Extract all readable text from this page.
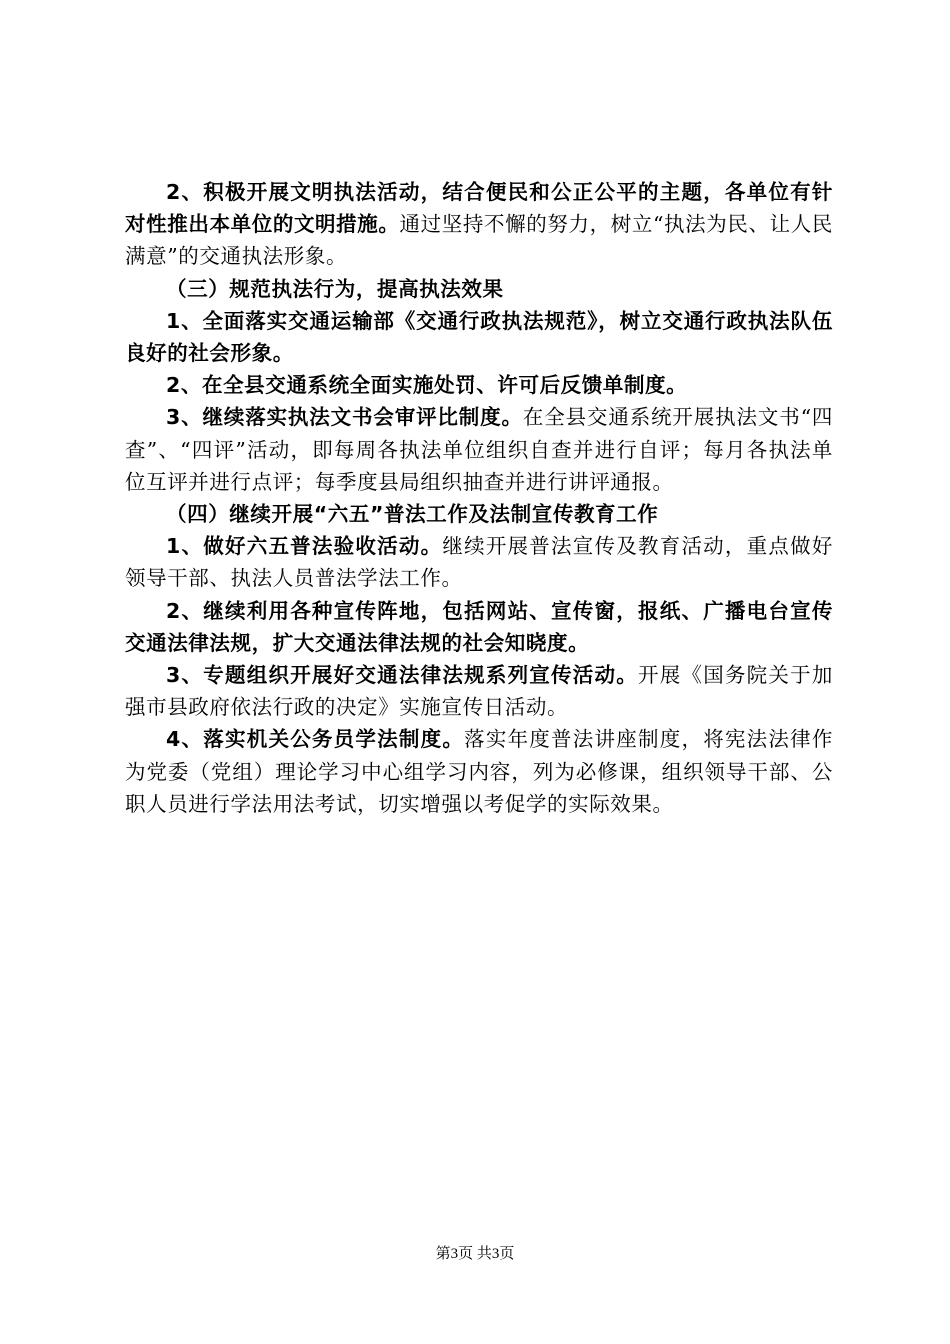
2、积极开展文明执法活动，结合便民和公正公平的主题，各单位有针对性推出本单位的文明措施。通过坚持不懈的努力，树立“执法为民、让人民满意”的交通执法形象。

（三）规范执法行为，提高执法效果

1、全面落实交通运输部《交通行政执法规范》，树立交通行政执法队伍良好的社会形象。

2、在全县交通系统全面实施处罚、许可后反馈单制度。

3、继续落实执法文书会审评比制度。在全县交通系统开展执法文书“四查”、“四评”活动，即每周各执法单位组织自查并进行自评；每月各执法单位互评并进行点评；每季度县局组织抽查并进行讲评通报。

（四）继续开展“六五”普法工作及法制宣传教育工作

1、做好六五普法验收活动。继续开展普法宣传及教育活动，重点做好领导干部、执法人员普法学法工作。

2、继续利用各种宣传阵地，包括网站、宣传窗，报纸、广播电台宣传交通法律法规，扩大交通法律法规的社会知晓度。

3、专题组织开展好交通法律法规系列宣传活动。开展《国务院关于加强市县政府依法行政的决定》实施宣传日活动。

4、落实机关公务员学法制度。落实年度普法讲座制度，将宪法法律作为党委（党组）理论学习中心组学习内容，列为必修课，组织领导干部、公职人员进行学法用法考试，切实增强以考促学的实际效果。

第3页 共3页
